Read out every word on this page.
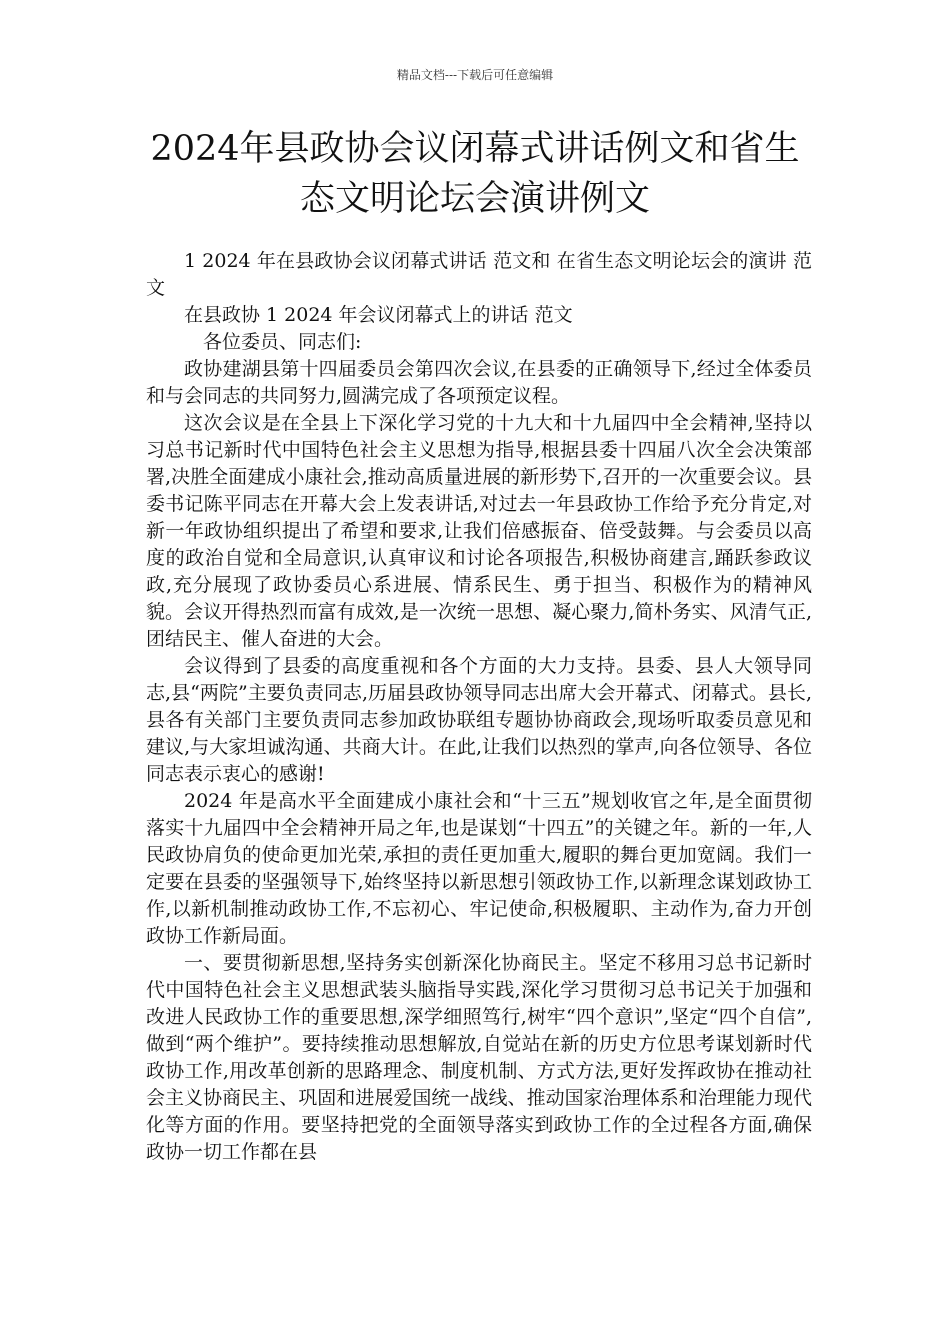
精品文档---下载后可任意编辑
2024年县政协会议闭幕式讲话例文和省生
态文明论坛会演讲例文

1 2024 年在县政协会议闭幕式讲话 范文和 在省生态文明论坛会的演讲 范文

在县政协 1 2024 年会议闭幕式上的讲话 范文

各位委员、同志们:

政协建湖县第十四届委员会第四次会议,在县委的正确领导下,经过全体委员和与会同志的共同努力,圆满完成了各项预定议程。

这次会议是在全县上下深化学习党的十九大和十九届四中全会精神,坚持以习总书记新时代中国特色社会主义思想为指导,根据县委十四届八次全会决策部署,决胜全面建成小康社会,推动高质量进展的新形势下,召开的一次重要会议。县委书记陈平同志在开幕大会上发表讲话,对过去一年县政协工作给予充分肯定,对新一年政协组织提出了希望和要求,让我们倍感振奋、倍受鼓舞。与会委员以高度的政治自觉和全局意识,认真审议和讨论各项报告,积极协商建言,踊跃参政议政,充分展现了政协委员心系进展、情系民生、勇于担当、积极作为的精神风貌。会议开得热烈而富有成效,是一次统一思想、凝心聚力,简朴务实、风清气正,团结民主、催人奋进的大会。

会议得到了县委的高度重视和各个方面的大力支持。县委、县人大领导同志,县“两院”主要负责同志,历届县政协领导同志出席大会开幕式、闭幕式。县长,县各有关部门主要负责同志参加政协联组专题协协商政会,现场听取委员意见和建议,与大家坦诚沟通、共商大计。在此,让我们以热烈的掌声,向各位领导、各位同志表示衷心的感谢!

2024 年是高水平全面建成小康社会和“十三五”规划收官之年,是全面贯彻落实十九届四中全会精神开局之年,也是谋划“十四五”的关键之年。新的一年,人民政协肩负的使命更加光荣,承担的责任更加重大,履职的舞台更加宽阔。我们一定要在县委的坚强领导下,始终坚持以新思想引领政协工作,以新理念谋划政协工作,以新机制推动政协工作,不忘初心、牢记使命,积极履职、主动作为,奋力开创政协工作新局面。

一、要贯彻新思想,坚持务实创新深化协商民主。坚定不移用习总书记新时代中国特色社会主义思想武装头脑指导实践,深化学习贯彻习总书记关于加强和改进人民政协工作的重要思想,深学细照笃行,树牢“四个意识”,坚定“四个自信”,做到“两个维护”。要持续推动思想解放,自觉站在新的历史方位思考谋划新时代政协工作,用改革创新的思路理念、制度机制、方式方法,更好发挥政协在推动社会主义协商民主、巩固和进展爱国统一战线、推动国家治理体系和治理能力现代化等方面的作用。要坚持把党的全面领导落实到政协工作的全过程各方面,确保政协一切工作都在县
